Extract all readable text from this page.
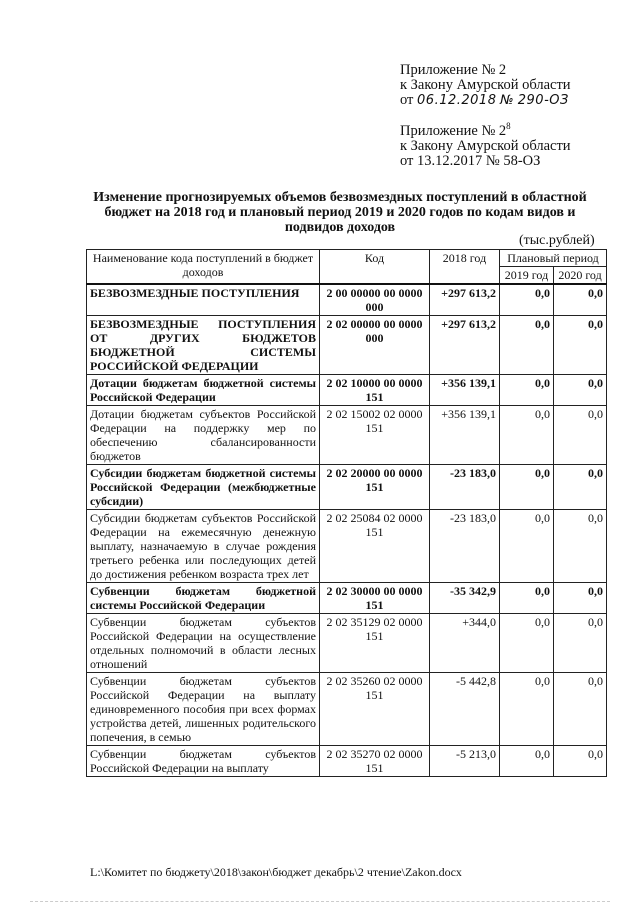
Приложение № 2
к Закону Амурской области
от 06.12.2018 № 290-ОЗ
Приложение № $2^8$
к Закону Амурской области
от 13.12.2017 № 58-ОЗ
Изменение прогнозируемых объемов безвозмездных поступлений в областной бюджет на 2018 год и плановый период 2019 и 2020 годов по кодам видов и подвидов доходов
(тыс.рублей)
Наименование кода поступлений в бюджет доходов	Код	2018 год	Плановый период	
			2019 год	2020 год
БЕЗВОЗМЕЗДНЫЕ ПОСТУПЛЕНИЯ	2 00 00000 00 0000 000	+297 613,2	0,0	0,0
БЕЗВОЗМЕЗДНЫЕ ПОСТУПЛЕНИЯ ОТ ДРУГИХ БЮДЖЕТОВ БЮДЖЕТНОЙ СИСТЕМЫ РОССИЙСКОЙ ФЕДЕРАЦИИ	2 02 00000 00 0000 000	+297 613,2	0,0	0,0
Дотации бюджетам бюджетной системы Российской Федерации	2 02 10000 00 0000 151	+356 139,1	0,0	0,0
Дотации бюджетам субъектов Российской Федерации на поддержку мер по обеспечению сбалансированности бюджетов	2 02 15002 02 0000 151	+356 139,1	0,0	0,0
Субсидии бюджетам бюджетной системы Российской Федерации (межбюджетные субсидии)	2 02 20000 00 0000 151	-23 183,0	0,0	0,0
Субсидии бюджетам субъектов Российской Федерации на ежемесячную денежную выплату, назначаемую в случае рождения третьего ребенка или последующих детей до достижения ребенком возраста трех лет	2 02 25084 02 0000 151	-23 183,0	0,0	0,0
Субвенции бюджетам бюджетной системы Российской Федерации	2 02 30000 00 0000 151	-35 342,9	0,0	0,0
Субвенции бюджетам субъектов Российской Федерации на осуществление отдельных полномочий в области лесных отношений	2 02 35129 02 0000 151	+344,0	0,0	0,0
Субвенции бюджетам субъектов Российской Федерации на выплату единовременного пособия при всех формах устройства детей, лишенных родительского попечения, в семью	2 02 35260 02 0000 151	-5 442,8	0,0	0,0
Субвенции бюджетам субъектов Российской Федерации на выплату	2 02 35270 02 0000 151	-5 213,0	0,0	0,0
L:\Комитет по бюджету\2018\закон\бюджет декабрь\2 чтение\Zakon.docx
